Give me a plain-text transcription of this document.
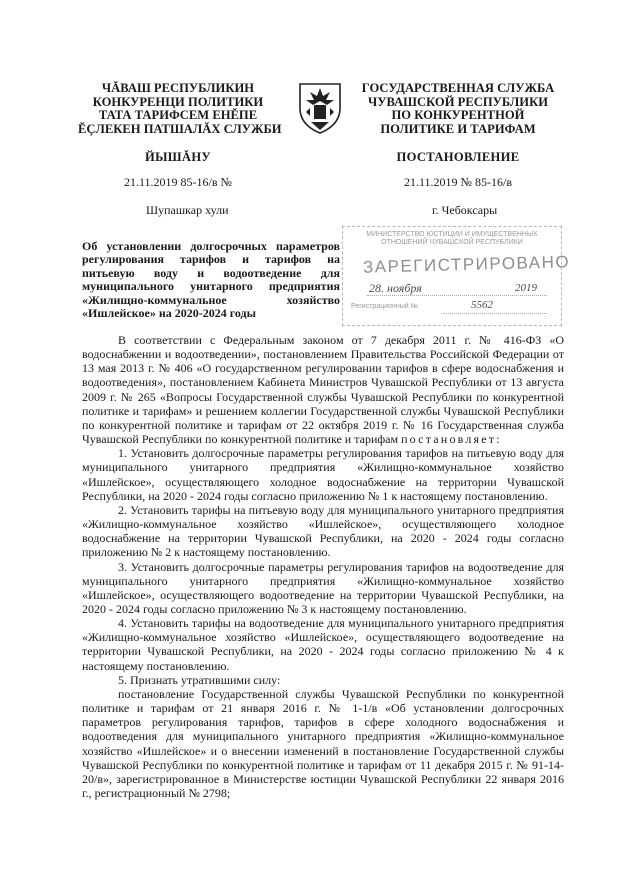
ЧĂВАШ РЕСПУБЛИКИН
КОНКУРЕНЦИ ПОЛИТИКИ
ТАТА ТАРИФСЕМ ЕНĔПЕ
ĔÇЛЕКЕН ПАТШАЛĂХ СЛУЖБИ
ГОСУДАРСТВЕННАЯ СЛУЖБА
ЧУВАШСКОЙ РЕСПУБЛИКИ
ПО КОНКУРЕНТНОЙ
ПОЛИТИКЕ И ТАРИФАМ
ЙЫШĂНУ	ПОСТАНОВЛЕНИЕ
21.11.2019 85-16/в №	21.11.2019 № 85-16/в
Шупашкар хули	г. Чебоксары
МИНИСТЕРСТВО ЮСТИЦИИ И ИМУЩЕСТВЕННЫХ ОТНОШЕНИЙ ЧУВАШСКОЙ РЕСПУБЛИКИ
ЗАРЕГИСТРИРОВАНО
28. ноября	2019
Регистрационный №	5562
Об установлении долгосрочных параметров
регулирования тарифов и тарифов на
питьевую воду и водоотведение для
муниципального унитарного предприятия
«Жилищно-коммунальное хозяйство
«Ишлейское» на 2020-2024 годы

В соответствии с Федеральным законом от 7 декабря 2011 г. № 416-ФЗ «О водоснабжении и водоотведении», постановлением Правительства Российской Федерации от 13 мая 2013 г. № 406 «О государственном регулировании тарифов в сфере водоснабжения и водоотведения», постановлением Кабинета Министров Чувашской Республики от 13 августа 2009 г. № 265 «Вопросы Государственной службы Чувашской Республики по конкурентной политике и тарифам» и решением коллегии Государственной службы Чувашской Республики по конкурентной политике и тарифам от 22 октября 2019 г. № 16 Государственная служба Чувашской Республики по конкурентной политике и тарифам постановляет:

1. Установить долгосрочные параметры регулирования тарифов на питьевую воду для муниципального унитарного предприятия «Жилищно-коммунальное хозяйство «Ишлейское», осуществляющего холодное водоснабжение на территории Чувашской Республики, на 2020 - 2024 годы согласно приложению № 1 к настоящему постановлению.

2. Установить тарифы на питьевую воду для муниципального унитарного предприятия «Жилищно-коммунальное хозяйство «Ишлейское», осуществляющего холодное водоснабжение на территории Чувашской Республики, на 2020 - 2024 годы согласно приложению № 2 к настоящему постановлению.

3. Установить долгосрочные параметры регулирования тарифов на водоотведение для муниципального унитарного предприятия «Жилищно-коммунальное хозяйство «Ишлейское», осуществляющего водоотведение на территории Чувашской Республики, на 2020 - 2024 годы согласно приложению № 3 к настоящему постановлению.

4. Установить тарифы на водоотведение для муниципального унитарного предприятия «Жилищно-коммунальное хозяйство «Ишлейское», осуществляющего водоотведение на территории Чувашской Республики, на 2020 - 2024 годы согласно приложению № 4 к настоящему постановлению.

5. Признать утратившими силу:

постановление Государственной службы Чувашской Республики по конкурентной политике и тарифам от 21 января 2016 г. № 1-1/в «Об установлении долгосрочных параметров регулирования тарифов, тарифов в сфере холодного водоснабжения и водоотведения для муниципального унитарного предприятия «Жилищно-коммунальное хозяйство «Ишлейское» и о внесении изменений в постановление Государственной службы Чувашской Республики по конкурентной политике и тарифам от 11 декабря 2015 г. № 91-14-20/в», зарегистрированное в Министерстве юстиции Чувашской Республики 22 января 2016 г., регистрационный № 2798;
